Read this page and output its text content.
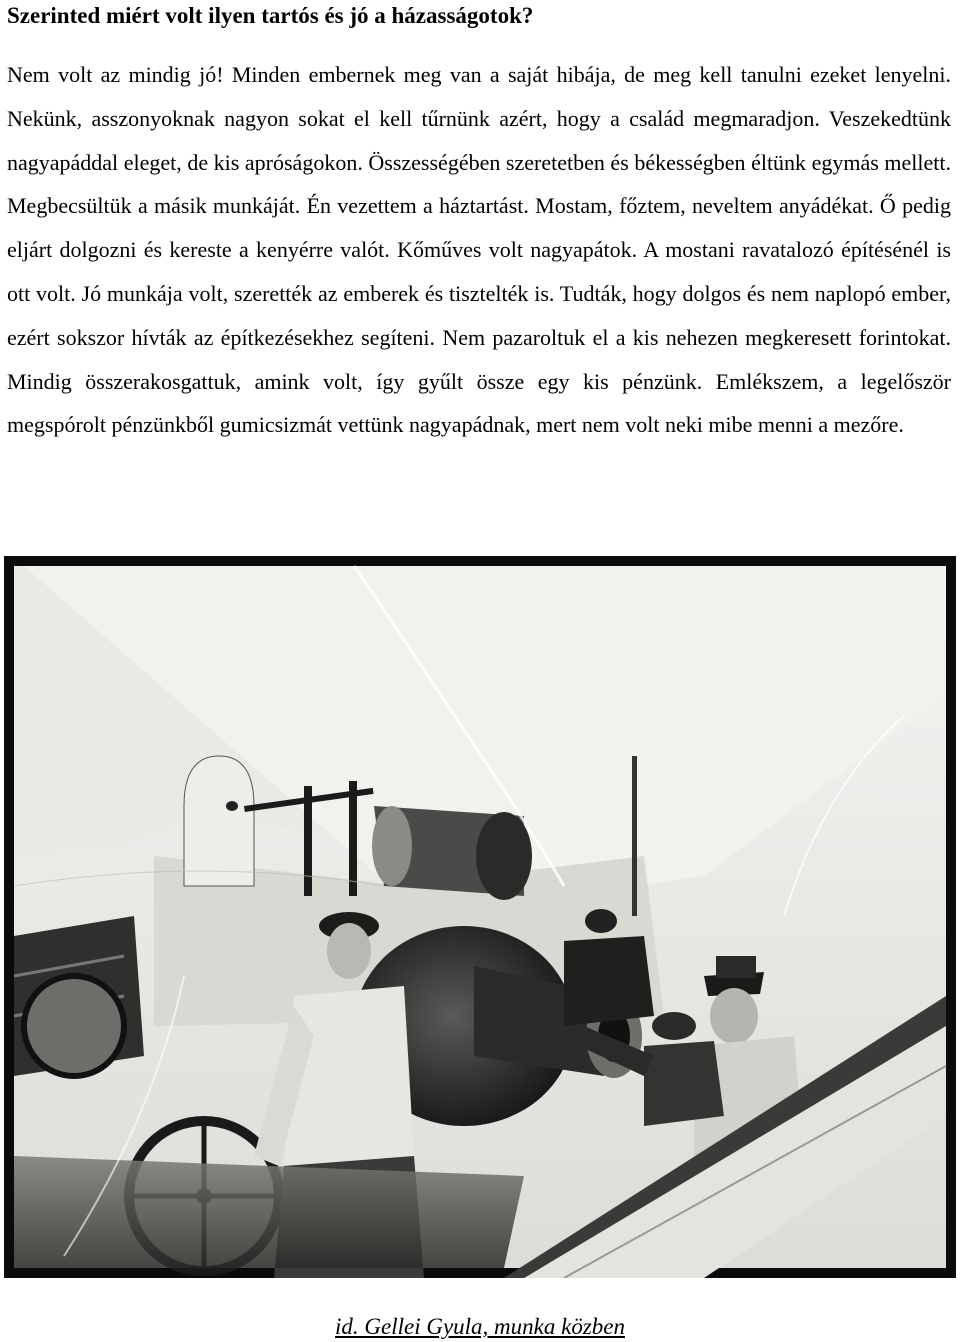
Szerinted miért volt ilyen tartós és jó a házasságotok?

Nem volt az mindig jó! Minden embernek meg van a saját hibája, de meg kell tanulni ezeket lenyelni. Nekünk, asszonyoknak nagyon sokat el kell tűrnünk azért, hogy a család megmaradjon. Veszekedtünk nagyapáddal eleget, de kis apróságokon. Összességében szeretetben és békességben éltünk egymás mellett. Megbecsültük a másik munkáját. Én vezettem a háztartást. Mostam, főztem, neveltem anyádékat. Ő pedig eljárt dolgozni és kereste a kenyérre valót. Kőműves volt nagyapátok. A mostani ravatalozó építésénél is ott volt. Jó munkája volt, szerették az emberek és tisztelték is. Tudták, hogy dolgos és nem naplopó ember, ezért sokszor hívták az építkezésekhez segíteni. Nem pazaroltuk el a kis nehezen megkeresett forintokat. Mindig összerakosgattuk, amink volt, így gyűlt össze egy kis pénzünk. Emlékszem, a legelőször megspórolt pénzünkből gumicsizmát vettünk nagyapádnak, mert nem volt neki mibe menni a mezőre.

id. Gellei Gyula, munka közben
